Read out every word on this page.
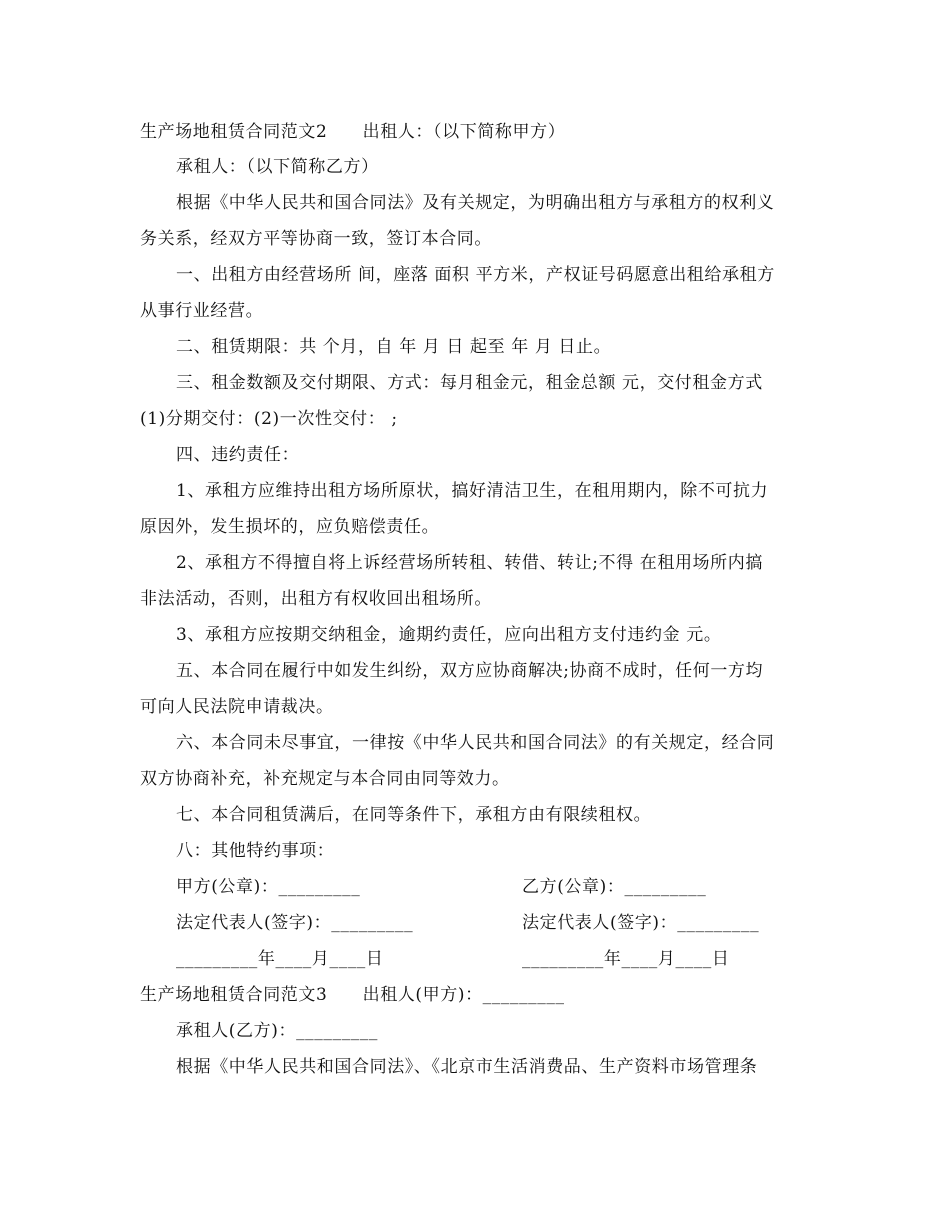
生产场地租赁合同范文2　　出租人：（以下简称甲方）
承租人：（以下简称乙方）
根据《中华人民共和国合同法》及有关规定，为明确出租方与承租方的权利义
务关系，经双方平等协商一致，签订本合同。
一、出租方由经营场所 间，座落 面积 平方米，产权证号码愿意出租给承租方
从事行业经营。
二、租赁期限：共 个月，自 年 月 日 起至 年 月 日止。
三、租金数额及交付期限、方式：每月租金元，租金总额 元，交付租金方式
(1)分期交付：(2)一次性交付： ;
四、违约责任：
1、承租方应维持出租方场所原状，搞好清洁卫生，在租用期内，除不可抗力
原因外，发生损坏的，应负赔偿责任。
2、承租方不得擅自将上诉经营场所转租、转借、转让;不得 在租用场所内搞
非法活动，否则，出租方有权收回出租场所。
3、承租方应按期交纳租金，逾期约责任，应向出租方支付违约金 元。
五、本合同在履行中如发生纠纷，双方应协商解决;协商不成时，任何一方均
可向人民法院申请裁决。
六、本合同未尽事宜，一律按《中华人民共和国合同法》的有关规定，经合同
双方协商补充，补充规定与本合同由同等效力。
七、本合同租赁满后，在同等条件下，承租方由有限续租权。
八：其他特约事项：
甲方(公章)：_________	乙方(公章)：_________
法定代表人(签字)：_________	法定代表人(签字)：_________
_________年____月____日	_________年____月____日
生产场地租赁合同范文3　　出租人(甲方)：_________
承租人(乙方)：_________
根据《中华人民共和国合同法》、《北京市生活消费品、生产资料市场管理条
